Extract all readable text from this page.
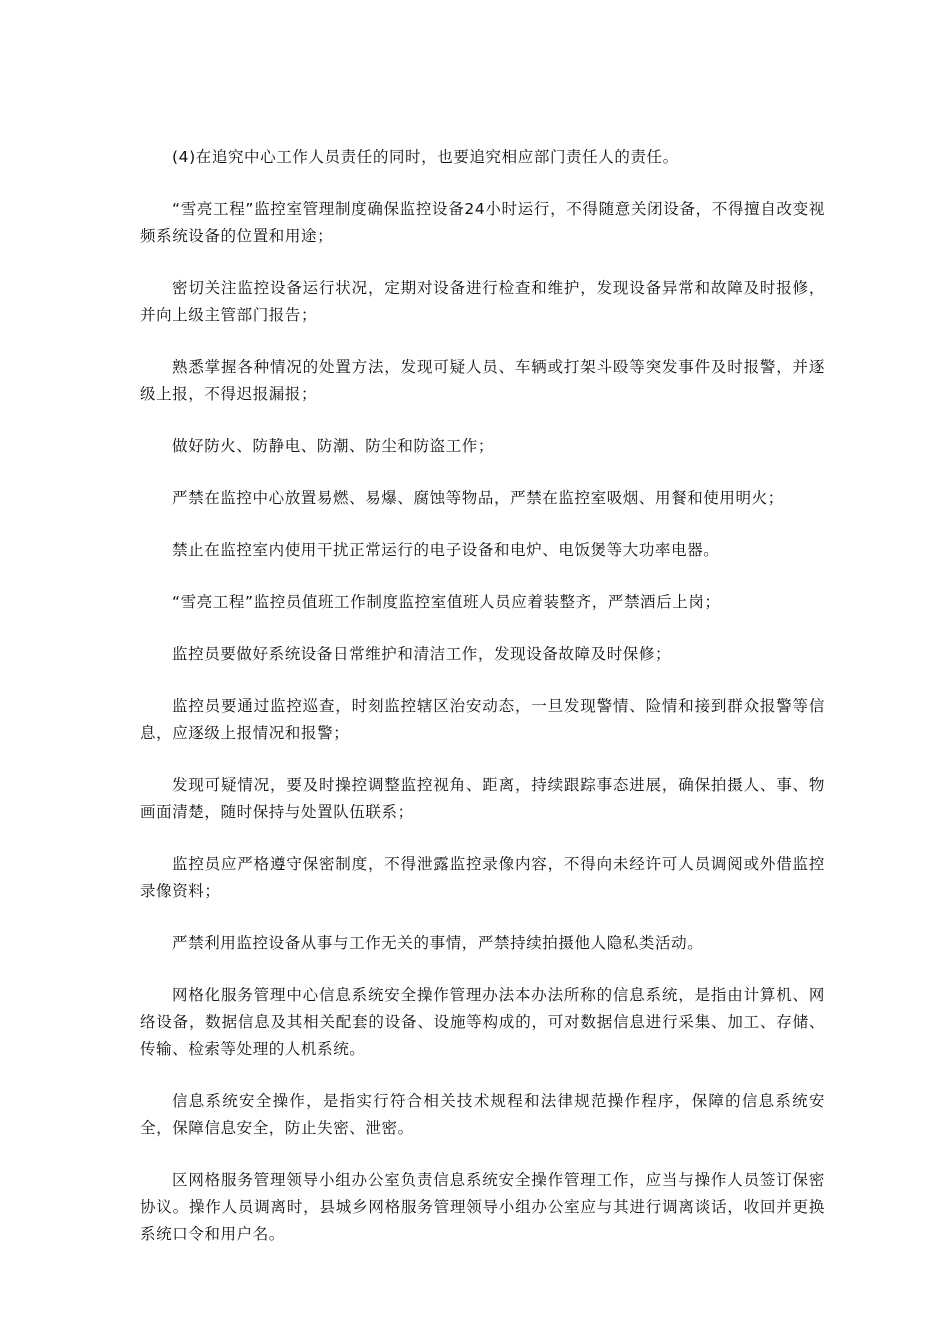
(4)在追究中心工作人员责任的同时，也要追究相应部门责任人的责任。

“雪亮工程”监控室管理制度确保监控设备24小时运行，不得随意关闭设备，不得擅自改变视频系统设备的位置和用途；

密切关注监控设备运行状况，定期对设备进行检查和维护，发现设备异常和故障及时报修，并向上级主管部门报告；

熟悉掌握各种情况的处置方法，发现可疑人员、车辆或打架斗殴等突发事件及时报警，并逐级上报，不得迟报漏报；

做好防火、防静电、防潮、防尘和防盗工作；

严禁在监控中心放置易燃、易爆、腐蚀等物品，严禁在监控室吸烟、用餐和使用明火；

禁止在监控室内使用干扰正常运行的电子设备和电炉、电饭煲等大功率电器。

“雪亮工程”监控员值班工作制度监控室值班人员应着装整齐，严禁酒后上岗；

监控员要做好系统设备日常维护和清洁工作，发现设备故障及时保修；

监控员要通过监控巡查，时刻监控辖区治安动态，一旦发现警情、险情和接到群众报警等信息，应逐级上报情况和报警；

发现可疑情况，要及时操控调整监控视角、距离，持续跟踪事态进展，确保拍摄人、事、物画面清楚，随时保持与处置队伍联系；

监控员应严格遵守保密制度，不得泄露监控录像内容，不得向未经许可人员调阅或外借监控录像资料；

严禁利用监控设备从事与工作无关的事情，严禁持续拍摄他人隐私类活动。

网格化服务管理中心信息系统安全操作管理办法本办法所称的信息系统，是指由计算机、网络设备，数据信息及其相关配套的设备、设施等构成的，可对数据信息进行采集、加工、存储、传输、检索等处理的人机系统。

信息系统安全操作，是指实行符合相关技术规程和法律规范操作程序，保障的信息系统安全，保障信息安全，防止失密、泄密。

区网格服务管理领导小组办公室负责信息系统安全操作管理工作，应当与操作人员签订保密协议。操作人员调离时，县城乡网格服务管理领导小组办公室应与其进行调离谈话，收回并更换系统口令和用户名。
